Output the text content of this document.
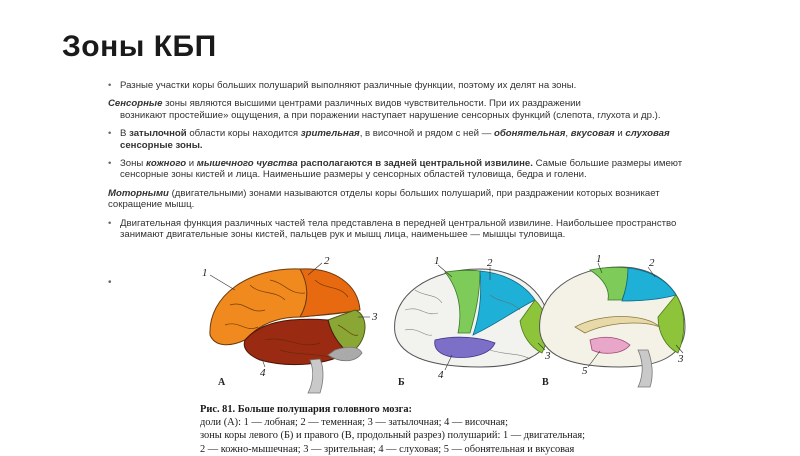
Зоны КБП
• Разные участки коры больших полушарий выполняют различные функции, поэтому их делят на зоны.
Сенсорные зоны являются высшими центрами различных видов чувствительности. При их раздражении
возникают простейшие» ощущения, а при поражении наступает нарушение сенсорных функций (слепота, глухота и др.).
• В затылочной области коры находится зрительная, в височной и рядом с ней — обонятельная, вкусовая и слуховая сенсорные зоны.
• Зоны кожного и мышечного чувства располагаются в задней центральной извилине. Самые большие размеры имеют сенсорные зоны кистей и лица. Наименьшие размеры у сенсорных областей туловища, бедра и голени.
Моторными (двигательными) зонами называются отделы коры больших полушарий, при раздражении которых возникает сокращение мышц.
• Двигательная функция различных частей тела представлена в передней центральной извилине. Наибольшее пространство занимают двигательные зоны кистей, пальцев рук и мышц лица, наименьшее — мышцы туловища.
•
1
2
3
4
1	2
3
4
1	2
3
5
А	Б	В
Рис. 81. Больше полушария головного мозга:
доли (А): 1 — лобная; 2 — теменная; 3 — затылочная; 4 — височная;
зоны коры левого (Б) и правого (В, продольный разрез) полушарий: 1 — двигательная;
2 — кожно-мышечная; 3 — зрительная; 4 — слуховая; 5 — обонятельная и вкусовая
